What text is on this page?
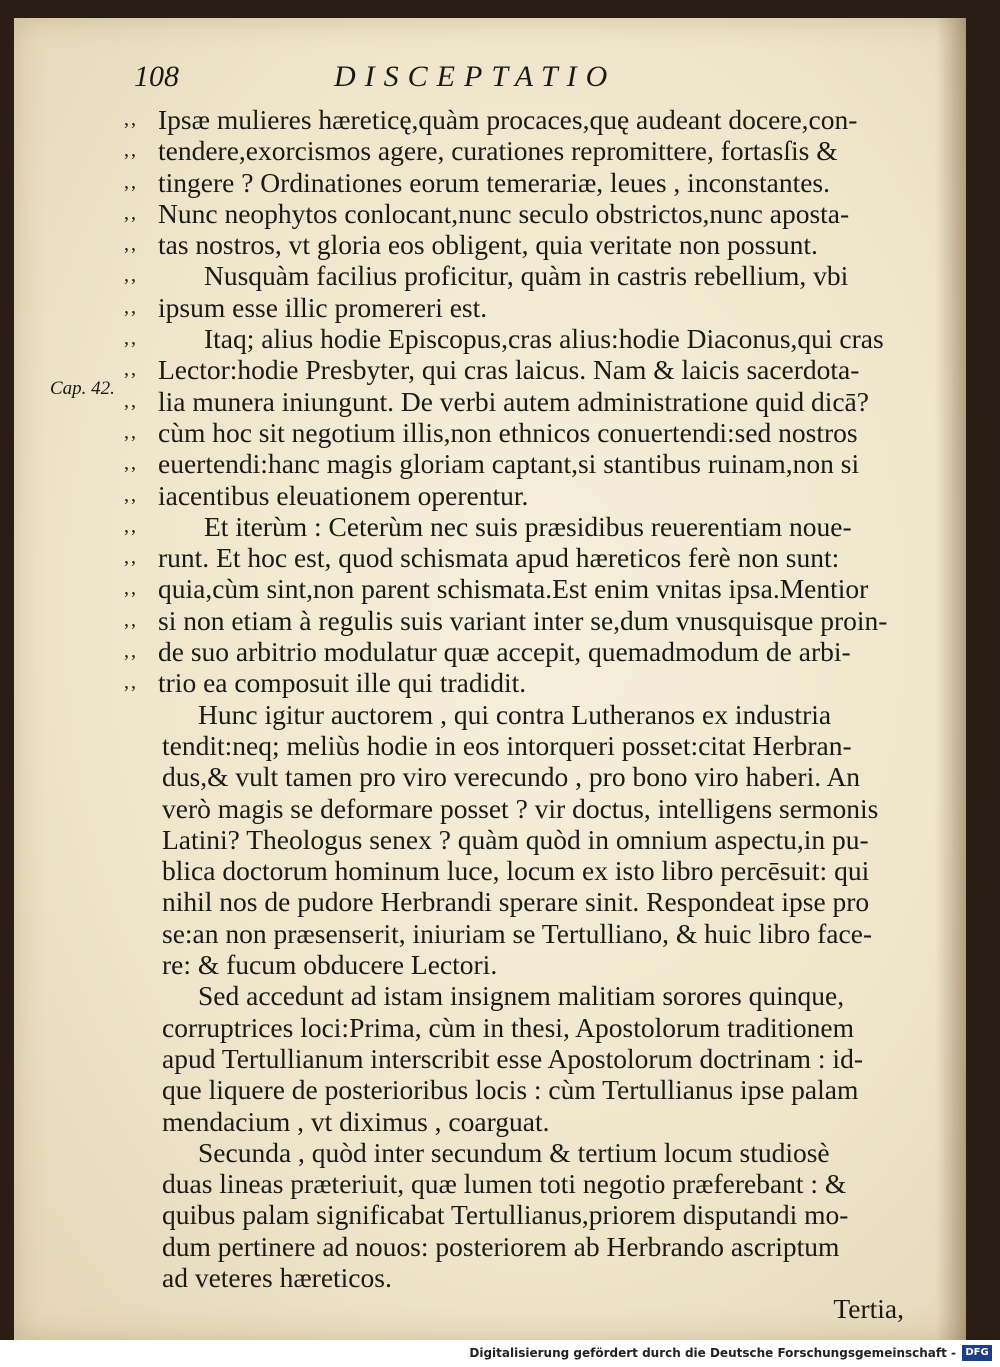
108	DISCEPTATIO
Cap. 42.
,, Ipsæ mulieres hæreticę,quàm procaces,quę audeant docere,con-
,, tendere,exorcismos agere, curationes repromittere, fortasſis &
,, tingere ? Ordinationes eorum temerariæ, leues , inconstantes.
,, Nunc neophytos conlocant,nunc seculo obstrictos,nunc aposta-
,, tas nostros, vt gloria eos obligent, quia veritate non possunt.
,, Nusquàm facilius proficitur, quàm in castris rebellium, vbi
,, ipsum esse illic promereri est.
,, Itaq; alius hodie Episcopus,cras alius:hodie Diaconus,qui cras
,, Lector:hodie Presbyter, qui cras laicus. Nam & laicis sacerdota-
,, lia munera iniungunt. De verbi autem administratione quid dicā?
,, cùm hoc sit negotium illis,non ethnicos conuertendi:sed nostros
,, euertendi:hanc magis gloriam captant,si stantibus ruinam,non si
,, iacentibus eleuationem operentur.
,, Et iterùm : Ceterùm nec suis præsidibus reuerentiam noue-
,, runt. Et hoc est, quod schismata apud hæreticos ferè non sunt:
,, quia,cùm sint,non parent schismata.Est enim vnitas ipsa.Mentior
,, si non etiam à regulis suis variant inter se,dum vnusquisque proin-
,, de suo arbitrio modulatur quæ accepit, quemadmodum de arbi-
,, trio ea composuit ille qui tradidit.
Hunc igitur auctorem , qui contra Lutheranos ex industria
tendit:neq; meliùs hodie in eos intorqueri posset:citat Herbran-
dus,& vult tamen pro viro verecundo , pro bono viro haberi. An
verò magis se deformare posset ? vir doctus, intelligens sermonis
Latini? Theologus senex ? quàm quòd in omnium aspectu,in pu-
blica doctorum hominum luce, locum ex isto libro percēsuit: qui
nihil nos de pudore Herbrandi sperare sinit. Respondeat ipse pro
se:an non præsenserit, iniuriam se Tertulliano, & huic libro face-
re: & fucum obducere Lectori.
Sed accedunt ad istam insignem malitiam sorores quinque,
corruptrices loci:Prima, cùm in thesi, Apostolorum traditionem
apud Tertullianum interscribit esse Apostolorum doctrinam : id-
que liquere de posterioribus locis : cùm Tertullianus ipse palam
mendacium , vt diximus , coarguat.
Secunda , quòd inter secundum & tertium locum studiosè
duas lineas præteriuit, quæ lumen toti negotio præferebant : &
quibus palam significabat Tertullianus,priorem disputandi mo-
dum pertinere ad nouos: posteriorem ab Herbrando ascriptum
ad veteres hæreticos.
Tertia,
Digitalisierung gefördert durch die Deutsche Forschungsgemeinschaft - DFG
